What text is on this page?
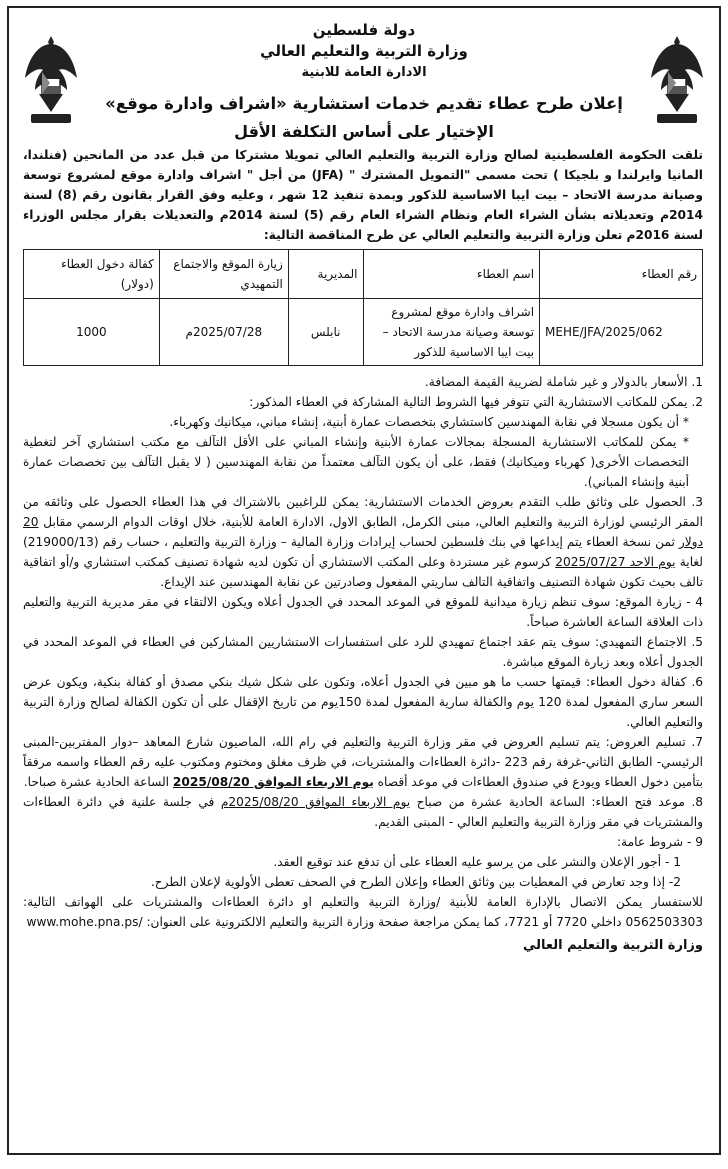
دولة فلسطين
وزارة التربية والتعليم العالي
الادارة العامة للابنية
إعلان طرح عطاء تقديم خدمات استشارية «اشراف وادارة موقع»
الإختيار على أساس التكلفة الأقل

تلقت الحكومة الفلسطينية لصالح وزارة التربية والتعليم العالي تمويلا مشتركا من قبل عدد من المانحين (فنلندا، المانيا وايرلندا و بلجيكا ) تحت مسمى "التمويل المشترك " (JFA) من أجل " اشراف وادارة موقع لمشروع توسعة وصيانة مدرسة الاتحاد – بيت ايبا الاساسية للذكور وبمدة تنفيذ 12 شهر ، وعليه وفق القرار بقانون رقم (8) لسنة 2014م وتعديلاته بشأن الشراء العام ونظام الشراء العام رقم (5) لسنة 2014م والتعديلات بقرار مجلس الوزراء لسنة 2016م تعلن وزارة التربية والتعليم العالي عن طرح المناقصة التالية:

رقم العطاء	اسم العطاء	المديرية	زيارة الموقع والاجتماع التمهيدي	كفالة دخول العطاء (دولار)
MEHE/JFA/2025/062	اشراف وادارة موقع لمشروع توسعة وصيانة مدرسة الاتحاد – بيت ايبا الاساسية للذكور	نابلس	2025/07/28م	1000

1. الأسعار بالدولار و غير شاملة لضريبة القيمة المضافة.

2. يمكن للمكاتب الاستشارية التي تتوفر فيها الشروط التالية المشاركة في العطاء المذكور:

* أن يكون مسجلا في نقابة المهندسين كاستشاري بتخصصات عمارة أبنية، إنشاء مباني، ميكانيك وكهرباء.

* يمكن للمكاتب الاستشارية المسجلة بمجالات عمارة الأبنية وإنشاء المباني على الأقل التآلف مع مكتب استشاري آخر لتغطية التخصصات الأخرى( كهرباء وميكانيك) فقط، على أن يكون التآلف معتمداً من نقابة المهندسين ( لا يقبل التآلف بين تخصصات عمارة أبنية وإنشاء المباني).

3. الحصول على وثائق طلب التقدم بعروض الخدمات الاستشارية: يمكن للراغبين بالاشتراك في هذا العطاء الحصول على وثائقه من المقر الرئيسي لوزارة التربية والتعليم العالي، مبنى الكرمل، الطابق الاول، الادارة العامة للأبنية، خلال اوقات الدوام الرسمي مقابل 20 دولار ثمن نسخة العطاء يتم إيداعها في بنك فلسطين لحساب إيرادات وزارة المالية – وزارة التربية والتعليم ، حساب رقم (219000/13) لغاية يوم الاحد 2025/07/27 كرسوم غير مستردة وعلى المكتب الاستشاري أن تكون لديه شهادة تصنيف كمكتب استشاري و/أو اتفاقية تالف بحيث تكون شهادة التصنيف واتفاقية التالف ساريتي المفعول وصادرتين عن نقابة المهندسين عند الإيداع.

4 - زيارة الموقع: سوف تنظم زيارة ميدانية للموقع في الموعد المحدد في الجدول أعلاه ويكون الالتقاء في مقر مديرية التربية والتعليم ذات العلاقة الساعة العاشرة صباحاً.

5. الاجتماع التمهيدي: سوف يتم عقد اجتماع تمهيدي للرد على استفسارات الاستشاريين المشاركين في العطاء في الموعد المحدد في الجدول أعلاه وبعد زيارة الموقع مباشرة.

6. كفالة دخول العطاء: قيمتها حسب ما هو مبين في الجدول أعلاه، وتكون على شكل شيك بنكي مصدق أو كفالة بنكية، ويكون عرض السعر ساري المفعول لمدة 120 يوم والكفالة سارية المفعول لمدة 150يوم من تاريخ الإقفال على أن تكون الكفالة لصالح وزارة التربية والتعليم العالي.

7. تسليم العروض: يتم تسليم العروض في مقر وزارة التربية والتعليم في رام الله، الماصيون شارع المعاهد –دوار المفتربين-المبنى الرئيسي- الطابق الثاني-غرفة رقم 223 -دائرة العطاءات والمشتريات، في ظرف مغلق ومختوم ومكتوب عليه رقم العطاء واسمه مرفقاً بتأمين دخول العطاء ويودع في صندوق العطاءات في موعد أقصاه يوم الاربعاء الموافق 2025/08/20 الساعة الحادية عشرة صباحا.

8. موعد فتح العطاء: الساعة الحادية عشرة من صباح يوم الاربعاء الموافق 2025/08/20م في جلسة علنية في دائرة العطاءات والمشتريات في مقر وزارة التربية والتعليم العالي - المبنى القديم.

9 - شروط عامة:

1 - أجور الإعلان والنشر على من يرسو عليه العطاء على أن تدفع عند توقيع العقد.

2- إذا وجد تعارض في المعطيات بين وثائق العطاء وإعلان الطرح في الصحف تعطى الأولوية لإعلان الطرح.

للاستفسار يمكن الاتصال بالإدارة العامة للأبنية /وزارة التربية والتعليم او دائرة العطاءات والمشتريات على الهواتف التالية: 0562503303 داخلي 7720 أو 7721، كما يمكن مراجعة صفحة وزارة التربية والتعليم الالكترونية على العنوان: www.mohe.pna.ps/

وزارة التربية والتعليم العالي
